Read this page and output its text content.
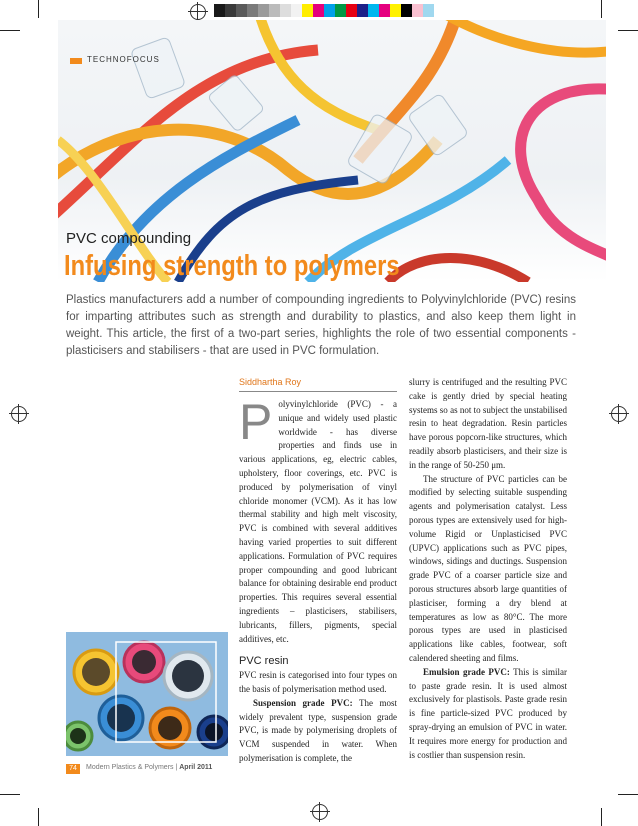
TECHNOFOCUS
PVC compounding
Infusing strength to polymers
Plastics manufacturers add a number of compounding ingredients to Polyvinylchloride (PVC) resins for imparting attributes such as strength and durability to plastics, and also keep them light in weight. This article, the first of a two-part series, highlights the role of two essential components - plasticisers and stabilisers - that are used in PVC formulation.
Siddhartha Roy

Polyvinylchloride (PVC) - a unique and widely used plastic worldwide - has diverse properties and finds use in various applications, eg, electric cables, upholstery, floor coverings, etc. PVC is produced by polymerisation of vinyl chloride monomer (VCM). As it has low thermal stability and high melt viscosity, PVC is combined with several additives having varied properties to suit different applications. Formulation of PVC requires proper compounding and good lubricant balance for obtaining desirable end product properties. This requires several essential ingredients – plasticisers, stabilisers, lubricants, fillers, pigments, special additives, etc.

PVC resin

PVC resin is categorised into four types on the basis of polymerisation method used.

Suspension grade PVC: The most widely prevalent type, suspension grade PVC, is made by polymerising droplets of VCM suspended in water. When polymerisation is complete, the

slurry is centrifuged and the resulting PVC cake is gently dried by special heating systems so as not to subject the unstabilised resin to heat degradation. Resin particles have porous popcorn-like structures, which readily absorb plasticisers, and their size is in the range of 50-250 μm.

The structure of PVC particles can be modified by selecting suitable suspending agents and polymerisation catalyst. Less porous types are extensively used for high-volume Rigid or Unplasticised PVC (UPVC) applications such as PVC pipes, windows, sidings and ductings. Suspension grade PVC of a coarser particle size and porous structures absorb large quantities of plasticiser, forming a dry blend at temperatures as low as 80°C. The more porous types are used in plasticised applications like cables, footwear, soft calendered sheeting and films.

Emulsion grade PVC: This is similar to paste grade resin. It is used almost exclusively for plastisols. Paste grade resin is fine particle-sized PVC produced by spray-drying an emulsion of PVC in water. It requires more energy for production and is costlier than suspension resin.

74	Modern Plastics & Polymers | April 2011
